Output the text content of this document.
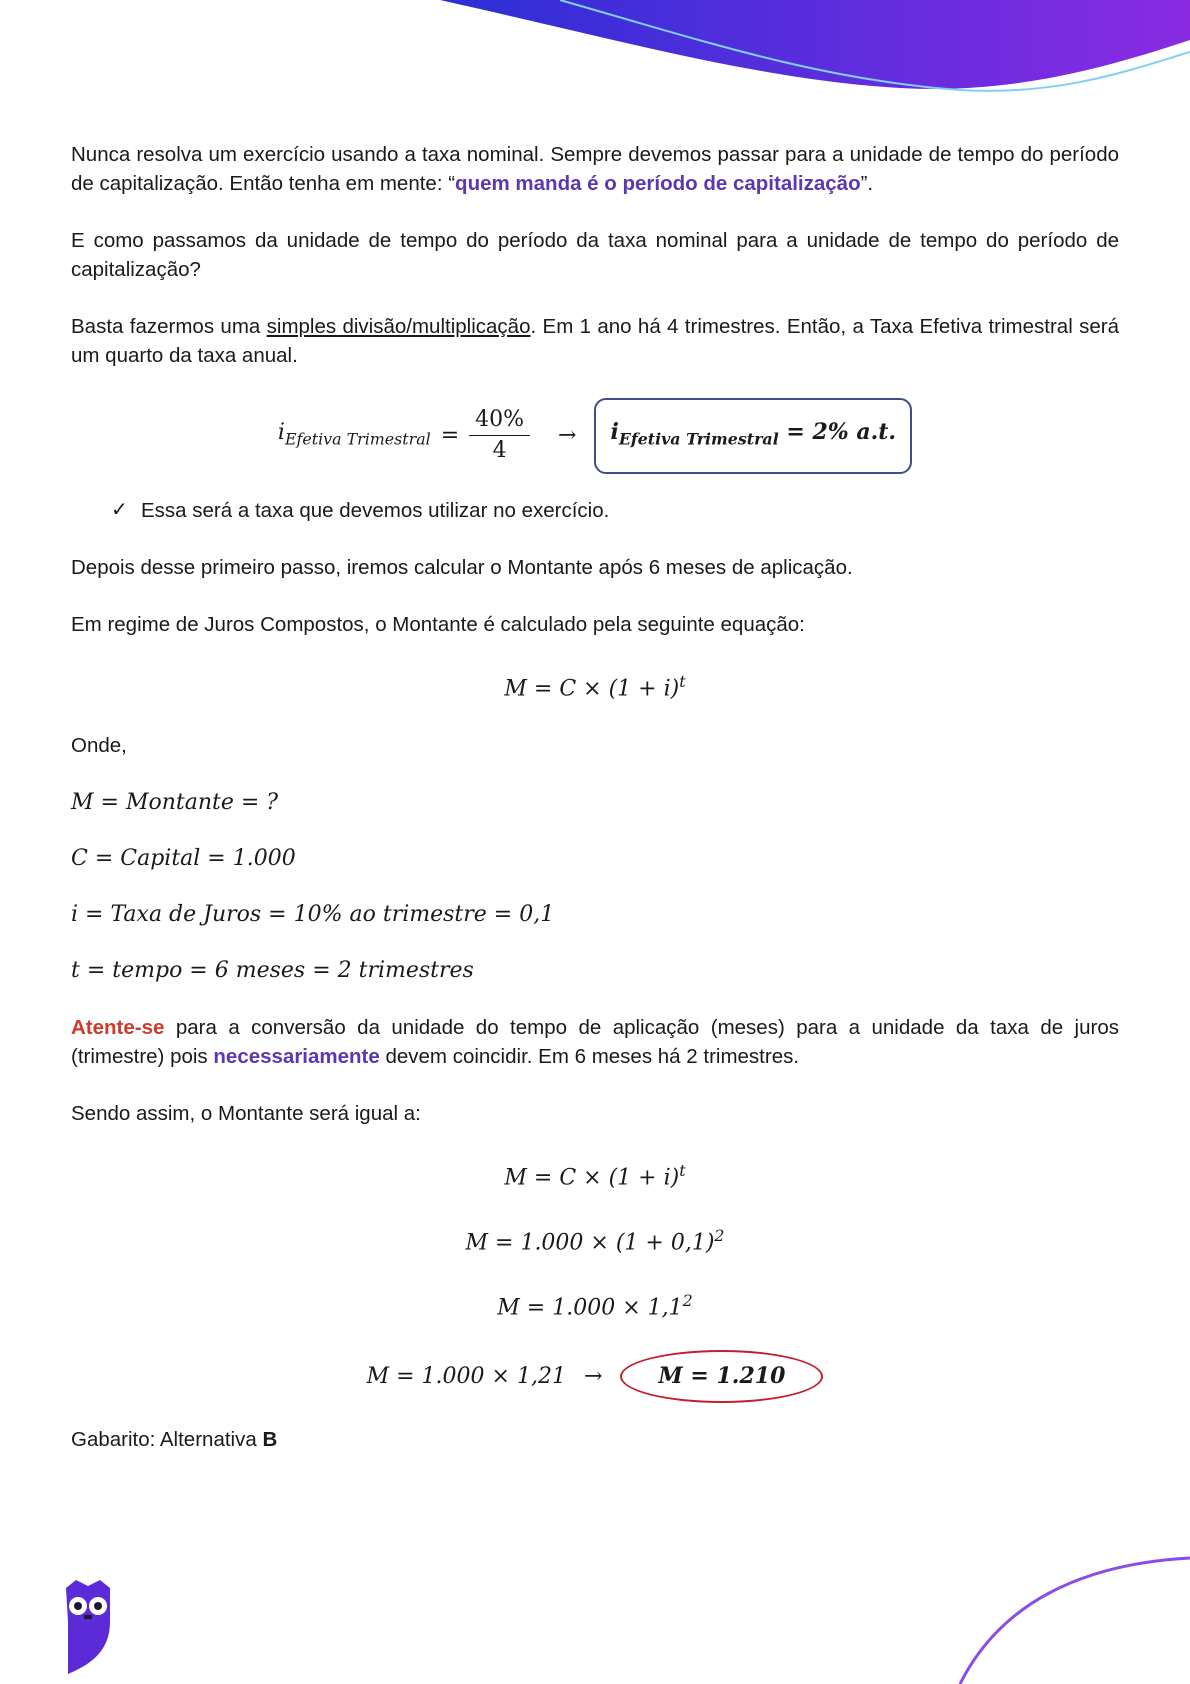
Nunca resolva um exercício usando a taxa nominal. Sempre devemos passar para a unidade de tempo do período de capitalização. Então tenha em mente: “quem manda é o período de capitalização”.

E como passamos da unidade de tempo do período da taxa nominal para a unidade de tempo do período de capitalização?

Basta fazermos uma simples divisão/multiplicação. Em 1 ano há 4 trimestres. Então, a Taxa Efetiva trimestral será um quarto da taxa anual.

$i_{Efetiva Trimestral} = \frac{40\%}{4}$ →	$i_{Efetiva Trimestral} = 2\%$ a.t.
✓ Essa será a taxa que devemos utilizar no exercício.

Depois desse primeiro passo, iremos calcular o Montante após 6 meses de aplicação.

Em regime de Juros Compostos, o Montante é calculado pela seguinte equação:

$M = C \times (1 + i)^t$

Onde,

M = Montante = ?
C = Capital = 1.000
i = Taxa de Juros = 10% ao trimestre = 0,1
t = tempo = 6 meses = 2 trimestres

Atente-se para a conversão da unidade do tempo de aplicação (meses) para a unidade da taxa de juros (trimestre) pois necessariamente devem coincidir. Em 6 meses há 2 trimestres.

Sendo assim, o Montante será igual a:

$M = C \times (1 + i)^t$
$M = 1.000 \times (1 + 0,1)^2$
$M = 1.000 \times 1,1^2$
M = 1.000 × 1,21 →	M = 1.210

Gabarito: Alternativa B
